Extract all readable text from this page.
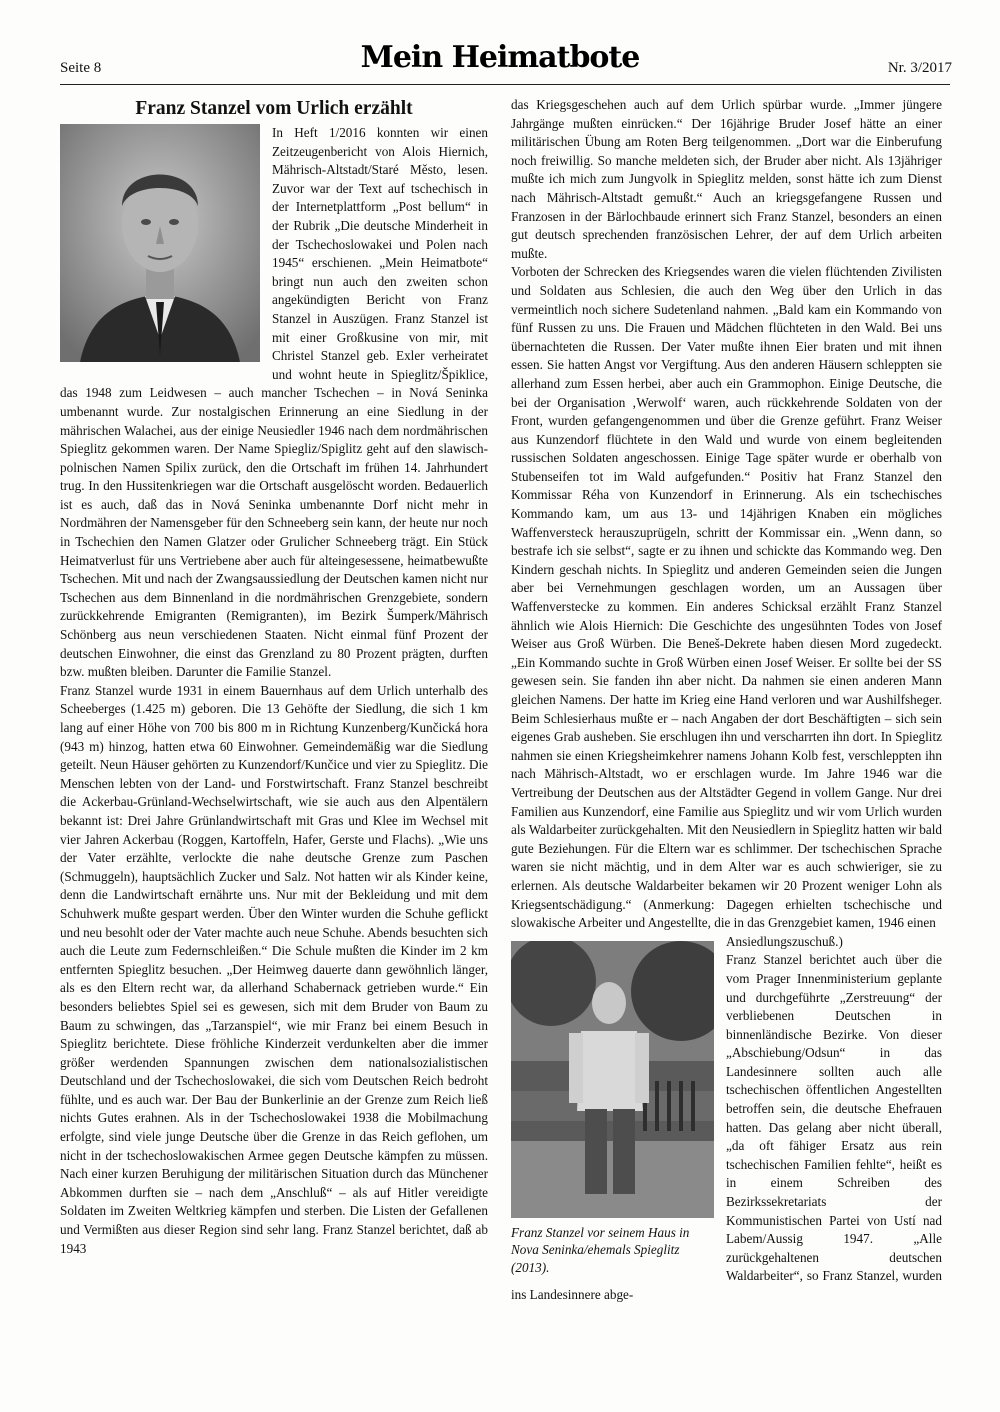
Seite 8	Mein Heimatbote	Nr. 3/2017
Franz Stanzel vom Urlich erzählt

In Heft 1/2016 konnten wir einen Zeitzeugenbericht von Alois Hiernich, Mährisch-Altstadt/Staré Město, lesen. Zuvor war der Text auf tschechisch in der Internetplattform „Post bellum“ in der Rubrik „Die deutsche Minderheit in der Tschechoslowakei und Polen nach 1945“ erschienen. „Mein Heimatbote“ bringt nun auch den zweiten schon angekündigten Bericht von Franz Stanzel in Auszügen. Franz Stanzel ist mit einer Großkusine von mir, mit Christel Stanzel geb. Exler verheiratet und wohnt heute in Spieglitz/Špiklice, das 1948 zum Leidwesen – auch mancher Tschechen – in Nová Seninka umbenannt wurde. Zur nostalgischen Erinnerung an eine Siedlung in der mährischen Walachei, aus der einige Neusiedler 1946 nach dem nordmährischen Spieglitz gekommen waren. Der Name Spiegliz/Spiglitz geht auf den slawisch-polnischen Namen Spilix zurück, den die Ortschaft im frühen 14. Jahrhundert trug. In den Hussitenkriegen war die Ortschaft ausgelöscht worden. Bedauerlich ist es auch, daß das in Nová Seninka umbenannte Dorf nicht mehr in Nordmähren der Namensgeber für den Schneeberg sein kann, der heute nur noch in Tschechien den Namen Glatzer oder Grulicher Schneeberg trägt. Ein Stück Heimatverlust für uns Vertriebene aber auch für alteingesessene, heimatbewußte Tschechen. Mit und nach der Zwangsaussiedlung der Deutschen kamen nicht nur Tschechen aus dem Binnenland in die nordmährischen Grenzgebiete, sondern zurückkehrende Emigranten (Remigranten), im Bezirk Šumperk/Mährisch Schönberg aus neun verschiedenen Staaten. Nicht einmal fünf Prozent der deutschen Einwohner, die einst das Grenzland zu 80 Prozent prägten, durften bzw. mußten bleiben. Darunter die Familie Stanzel.

Franz Stanzel wurde 1931 in einem Bauernhaus auf dem Urlich unterhalb des Scheeberges (1.425 m) geboren. Die 13 Gehöfte der Siedlung, die sich 1 km lang auf einer Höhe von 700 bis 800 m in Richtung Kunzenberg/Kunčická hora (943 m) hinzog, hatten etwa 60 Einwohner. Gemeindemäßig war die Siedlung geteilt. Neun Häuser gehörten zu Kunzendorf/Kunčice und vier zu Spieglitz. Die Menschen lebten von der Land- und Forstwirtschaft. Franz Stanzel beschreibt die Ackerbau-Grünland-Wechselwirtschaft, wie sie auch aus den Alpentälern bekannt ist: Drei Jahre Grünlandwirtschaft mit Gras und Klee im Wechsel mit vier Jahren Ackerbau (Roggen, Kartoffeln, Hafer, Gerste und Flachs). „Wie uns der Vater erzählte, verlockte die nahe deutsche Grenze zum Paschen (Schmuggeln), hauptsächlich Zucker und Salz. Not hatten wir als Kinder keine, denn die Landwirtschaft ernährte uns. Nur mit der Bekleidung und mit dem Schuhwerk mußte gespart werden. Über den Winter wurden die Schuhe geflickt und neu besohlt oder der Vater machte auch neue Schuhe. Abends besuchten sich auch die Leute zum Federnschleißen.“ Die Schule mußten die Kinder im 2 km entfernten Spieglitz besuchen. „Der Heimweg dauerte dann gewöhnlich länger, als es den Eltern recht war, da allerhand Schabernack getrieben wurde.“ Ein besonders beliebtes Spiel sei es gewesen, sich mit dem Bruder von Baum zu Baum zu schwingen, das „Tarzanspiel“, wie mir Franz bei einem Besuch in Spieglitz berichtete. Diese fröhliche Kinderzeit verdunkelten aber die immer größer werdenden Spannungen zwischen dem nationalsozialistischen Deutschland und der Tschechoslowakei, die sich vom Deutschen Reich bedroht fühlte, und es auch war. Der Bau der Bunkerlinie an der Grenze zum Reich ließ nichts Gutes erahnen. Als in der Tschechoslowakei 1938 die Mobilmachung erfolgte, sind viele junge Deutsche über die Grenze in das Reich geflohen, um nicht in der tschechoslowakischen Armee gegen Deutsche kämpfen zu müssen. Nach einer kurzen Beruhigung der militärischen Situation durch das Münchener Abkommen durften sie – nach dem „Anschluß“ – als auf Hitler vereidigte Soldaten im Zweiten Weltkrieg kämpfen und sterben. Die Listen der Gefallenen und Vermißten aus dieser Region sind sehr lang. Franz Stanzel berichtet, daß ab 1943

das Kriegsgeschehen auch auf dem Urlich spürbar wurde. „Immer jüngere Jahrgänge mußten einrücken.“ Der 16jährige Bruder Josef hätte an einer militärischen Übung am Roten Berg teilgenommen. „Dort war die Einberufung noch freiwillig. So manche meldeten sich, der Bruder aber nicht. Als 13jähriger mußte ich mich zum Jungvolk in Spieglitz melden, sonst hätte ich zum Dienst nach Mährisch-Altstadt gemußt.“ Auch an kriegsgefangene Russen und Franzosen in der Bärlochbaude erinnert sich Franz Stanzel, besonders an einen gut deutsch sprechenden französischen Lehrer, der auf dem Urlich arbeiten mußte.

Vorboten der Schrecken des Kriegsendes waren die vielen flüchtenden Zivilisten und Soldaten aus Schlesien, die auch den Weg über den Urlich in das vermeintlich noch sichere Sudetenland nahmen. „Bald kam ein Kommando von fünf Russen zu uns. Die Frauen und Mädchen flüchteten in den Wald. Bei uns übernachteten die Russen. Der Vater mußte ihnen Eier braten und mit ihnen essen. Sie hatten Angst vor Vergiftung. Aus den anderen Häusern schleppten sie allerhand zum Essen herbei, aber auch ein Grammophon. Einige Deutsche, die bei der Organisation ‚Werwolf‘ waren, auch rückkehrende Soldaten von der Front, wurden gefangengenommen und über die Grenze geführt. Franz Weiser aus Kunzendorf flüchtete in den Wald und wurde von einem begleitenden russischen Soldaten angeschossen. Einige Tage später wurde er oberhalb von Stubenseifen tot im Wald aufgefunden.“ Positiv hat Franz Stanzel den Kommissar Réha von Kunzendorf in Erinnerung. Als ein tschechisches Kommando kam, um aus 13- und 14jährigen Knaben ein mögliches Waffenversteck herauszuprügeln, schritt der Kommissar ein. „Wenn dann, so bestrafe ich sie selbst“, sagte er zu ihnen und schickte das Kommando weg. Den Kindern geschah nichts. In Spieglitz und anderen Gemeinden seien die Jungen aber bei Vernehmungen geschlagen worden, um an Aussagen über Waffenverstecke zu kommen. Ein anderes Schicksal erzählt Franz Stanzel ähnlich wie Alois Hiernich: Die Geschichte des ungesühnten Todes von Josef Weiser aus Groß Würben. Die Beneš-Dekrete haben diesen Mord zugedeckt. „Ein Kommando suchte in Groß Würben einen Josef Weiser. Er sollte bei der SS gewesen sein. Sie fanden ihn aber nicht. Da nahmen sie einen anderen Mann gleichen Namens. Der hatte im Krieg eine Hand verloren und war Aushilfsheger. Beim Schlesierhaus mußte er – nach Angaben der dort Beschäftigten – sich sein eigenes Grab ausheben. Sie erschlugen ihn und verscharrten ihn dort. In Spieglitz nahmen sie einen Kriegsheimkehrer namens Johann Kolb fest, verschleppten ihn nach Mährisch-Altstadt, wo er erschlagen wurde. Im Jahre 1946 war die Vertreibung der Deutschen aus der Altstädter Gegend in vollem Gange. Nur drei Familien aus Kunzendorf, eine Familie aus Spieglitz und wir vom Urlich wurden als Waldarbeiter zurückgehalten. Mit den Neusiedlern in Spieglitz hatten wir bald gute Beziehungen. Für die Eltern war es schlimmer. Der tschechischen Sprache waren sie nicht mächtig, und in dem Alter war es auch schwieriger, sie zu erlernen. Als deutsche Waldarbeiter bekamen wir 20 Prozent weniger Lohn als Kriegsentschädigung.“ (Anmerkung: Dagegen erhielten tschechische und slowakische Arbeiter und Angestellte, die in das Grenzgebiet kamen, 1946 einen

Franz Stanzel vor seinem Haus in Nova Seninka/ehemals Spieglitz (2013).

Ansiedlungszuschuß.)

Franz Stanzel berichtet auch über die vom Prager Innenministerium geplante und durchgeführte „Zerstreuung“ der verbliebenen Deutschen in binnenländische Bezirke. Von dieser „Abschiebung/Odsun“ in das Landesinnere sollten auch alle tschechischen öffentlichen Angestellten betroffen sein, die deutsche Ehefrauen hatten. Das gelang aber nicht überall, „da oft fähiger Ersatz aus rein tschechischen Familien fehlte“, heißt es in einem Schreiben des Bezirkssekretariats der Kommunistischen Partei von Ustí nad Labem/Aussig 1947. „Alle zurückgehaltenen deutschen Waldarbeiter“, so Franz Stanzel, wurden ins Landesinnere abge-
